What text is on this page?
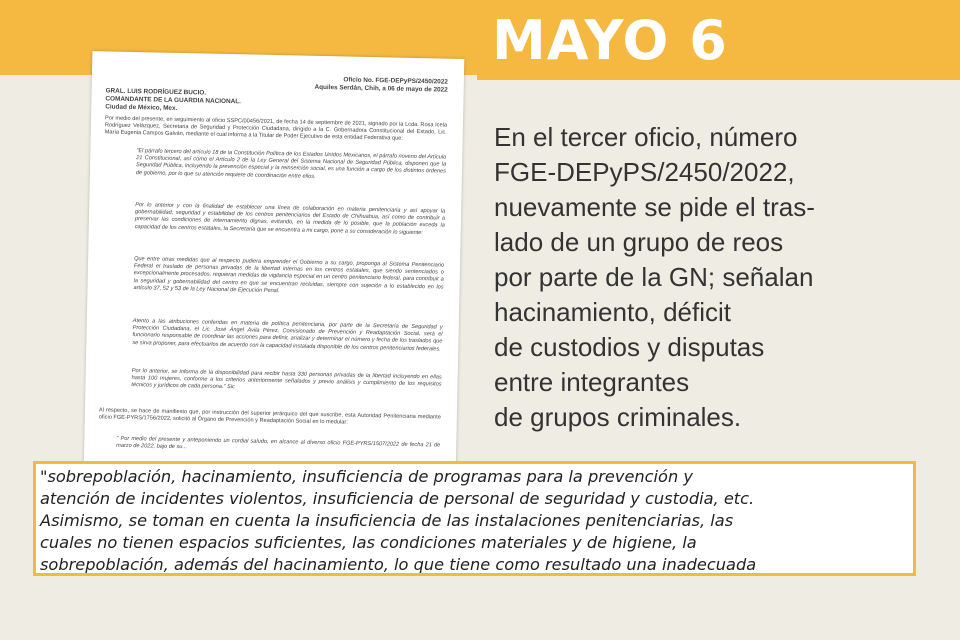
MAYO 6
Oficio No. FGE-DEPyPS/2450/2022
Aquiles Serdán, Chih, a 06 de mayo de 2022
GRAL. LUIS RODRÍGUEZ BUCIO.
COMANDANTE DE LA GUARDIA NACIONAL.
Ciudad de México, Mex.
Por medio del presente, en seguimiento al oficio SSPC/00456/2021, de fecha 14 de septiembre de 2021, signado por la Lcda. Rosa Icela Rodríguez Velázquez, Secretaria de Seguridad y Protección Ciudadana, dirigido a la C. Gobernadora Constitucional del Estado, Lic. María Eugenia Campos Galván, mediante el cual informa a la Titular de Poder Ejecutivo de esta entidad Federativa que:
"El párrafo tercero del artículo 18 de la Constitución Política de los Estados Unidos Mexicanos, el párrafo noveno del Artículo 21 Constitucional, así como el Artículo 2 de la Ley General del Sistema Nacional de Seguridad Pública, disponen que la Seguridad Pública, incluyendo la prevención especial y la reinserción social, es una función a cargo de los distintos órdenes de gobierno, por lo que su atención requiere de coordinación entre ellos.
Por lo anterior y con la finalidad de establecer una línea de colaboración en materia penitenciaria y así apoyar la gobernabilidad, seguridad y estabilidad de los centros penitenciarios del Estado de Chihuahua, así como de contribuir a preservar las condiciones de internamiento dignas, evitando, en la medida de lo posible, que la población exceda la capacidad de los centros estatales, la Secretaría que se encuentra a mi cargo, pone a su consideración lo siguiente:
Que entre otras medidas que al respecto pudiera emprender el Gobierno a su cargo, proponga al Sistema Penitenciario Federal el traslado de personas privadas de la libertad internas en los centros estatales, que siendo sentenciados o excepcionalmente procesados, requieran medidas de vigilancia especial en un centro penitenciario federal, para contribuir a la seguridad y gobernabilidad del centro en que se encuentran recluidas, siempre con sujeción a lo establecido en los artículo 37, 52 y 53 de la Ley Nacional de Ejecución Penal.
Atento a las atribuciones conferidas en materia de política penitenciaria, por parte de la Secretaría de Seguridad y Protección Ciudadana, el Lic. José Ángel Ávila Pérez, Comisionado de Prevención y Readaptación Social, será el funcionario responsable de coordinar las acciones para definir, analizar y determinar el número y fecha de los traslados que se sirva proponer, para efectuarlos de acuerdo con la capacidad instalada disponible de los centros penitenciarios federales.
Por lo anterior, se informa de la disponibilidad para recibir hasta 330 personas privadas de la libertad incluyendo en ellas hasta 100 mujeres, conforme a los criterios anteriormente señalados y previo análisis y cumplimiento de los requisitos técnicos y jurídicos de cada persona." Sic
Al respecto, se hace de manifiesto que, por instrucción del superior jerárquico del que suscribe, esta Autoridad Penitenciaria mediante oficio FGE-PYRS/1756/2022, solicitó al Órgano de Prevención y Readaptación Social en lo medular:
" Por medio del presente y anteponiendo un cordial saludo, en alcance al diverso oficio FGE-PYRS/1507/2022 de fecha 21 de marzo de 2022, bajo de su...
En el tercer oficio, número
FGE-DEPyPS/2450/2022,
nuevamente se pide el tras-
lado de un grupo de reos
por parte de la GN; señalan
hacinamiento, déficit
de custodios y disputas
entre integrantes
de grupos criminales.
"sobrepoblación, hacinamiento, insuficiencia de programas para la prevención y
atención de incidentes violentos, insuficiencia de personal de seguridad y custodia, etc.
Asimismo, se toman en cuenta la insuficiencia de las instalaciones penitenciarias, las
cuales no tienen espacios suficientes, las condiciones materiales y de higiene, la
sobrepoblación, además del hacinamiento, lo que tiene como resultado una inadecuada
